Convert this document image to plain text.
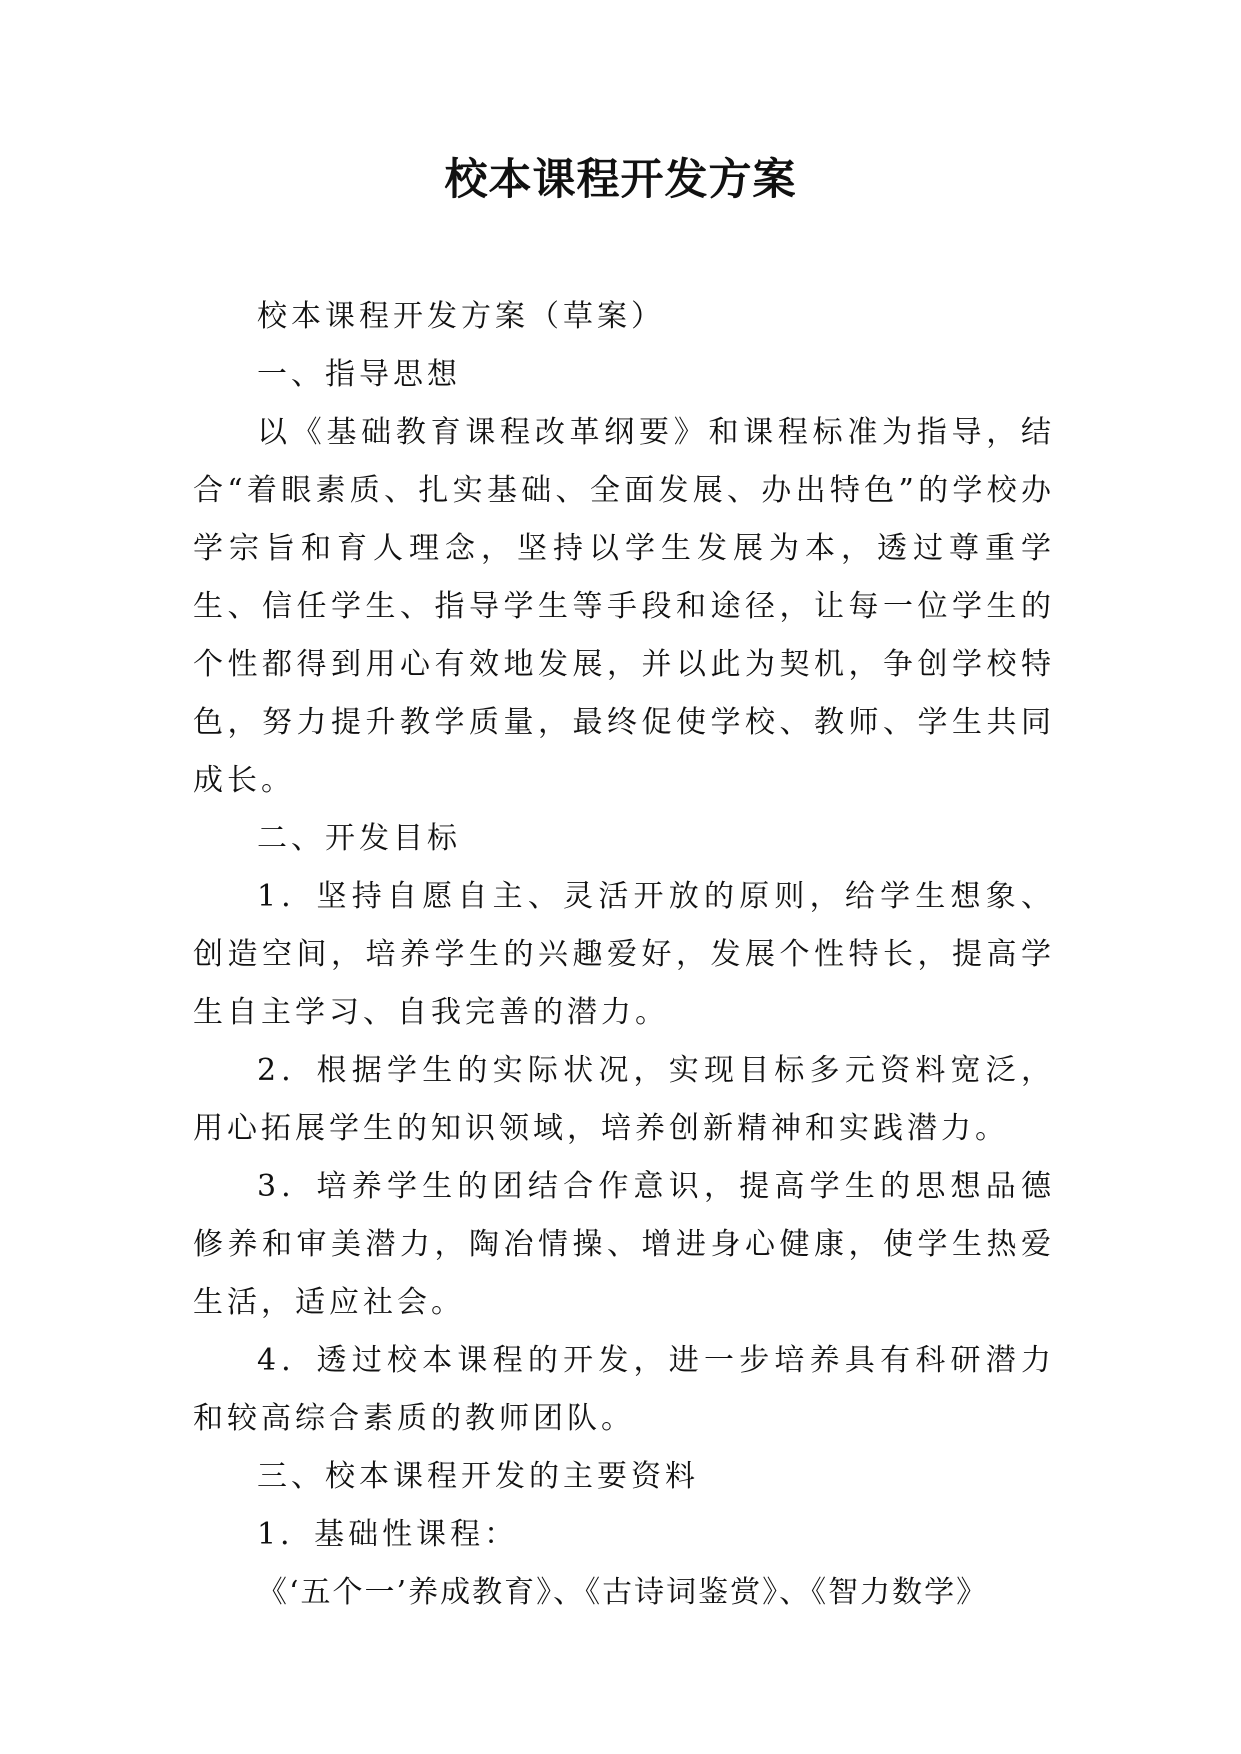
校本课程开发方案

校本课程开发方案（草案）

一、指导思想

以《基础教育课程改革纲要》和课程标准为指导，结合“着眼素质、扎实基础、全面发展、办出特色”的学校办学宗旨和育人理念，坚持以学生发展为本，透过尊重学生、信任学生、指导学生等手段和途径，让每一位学生的个性都得到用心有效地发展，并以此为契机，争创学校特色，努力提升教学质量，最终促使学校、教师、学生共同成长。

二、开发目标

1．坚持自愿自主、灵活开放的原则，给学生想象、创造空间，培养学生的兴趣爱好，发展个性特长，提高学生自主学习、自我完善的潜力。

2．根据学生的实际状况，实现目标多元资料宽泛，用心拓展学生的知识领域，培养创新精神和实践潜力。

3．培养学生的团结合作意识，提高学生的思想品德修养和审美潜力，陶冶情操、增进身心健康，使学生热爱生活，适应社会。

4．透过校本课程的开发，进一步培养具有科研潜力和较高综合素质的教师团队。

三、校本课程开发的主要资料

1．基础性课程：

《‘五个一’养成教育》、《古诗词鉴赏》、《智力数学》
